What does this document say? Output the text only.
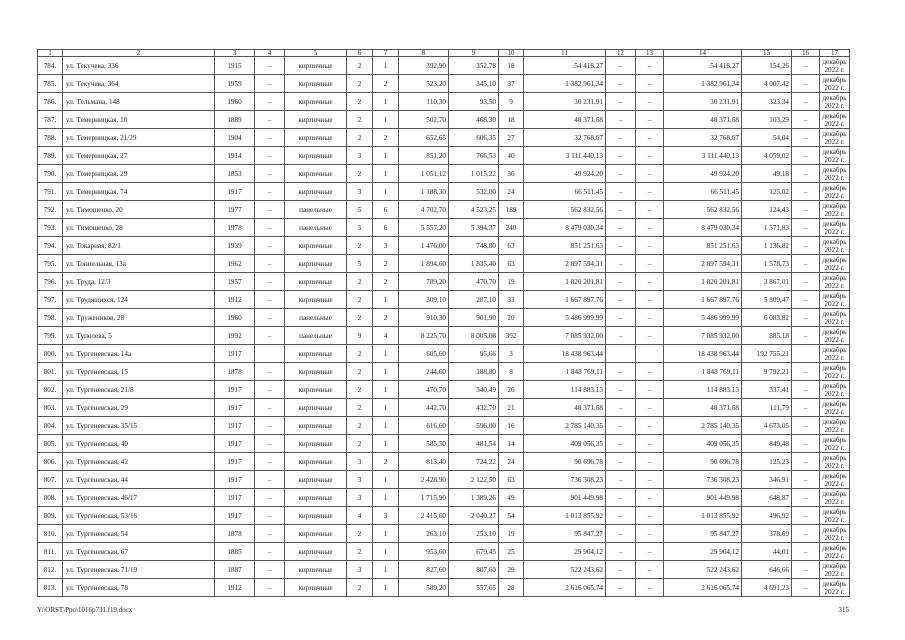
1	2	3	4	5	6	7	8	9	10	11	12	13	14	15	16	17
784.	ул. Текучева, 336	1915	–	кирпичные	2	1	392,90	352,78	18	54 418,27	–	–	54 418,27	154,26	–	декабрь 2022 г.
785.	ул. Текучева, 364	1959	–	кирпичные	2	2	523,20	345,10	37	1 382 961,34	–	–	1 382 961,34	4 007,42	–	декабрь 2022 г.
786.	ул. Тельмана, 148	1960	–	кирпичные	2	1	110,30	93,50	9	30 231,91	–	–	30 231,91	323,34	–	декабрь 2022 г.
787.	ул. Темерницкая, 10	1889	–	кирпичные	2	1	502,70	468,30	18	48 371,68	–	–	48 371,68	103,29	–	декабрь 2022 г.
788.	ул. Темерницкая, 21/29	1904	–	кирпичные	2	2	652,65	606,35	27	32 768,07	–	–	32 768,07	54,04	–	декабрь 2022 г.
789.	ул. Темерницкая, 27	1914	–	кирпичные	3	1	851,20	766,53	40	3 111 440,13	–	–	3 111 440,13	4 059,02	–	декабрь 2022 г.
790.	ул. Темерницкая, 29	1853	–	кирпичные	2	1	1 051,12	1 015,22	36	49 924,20	–	–	49 924,20	49,18	–	декабрь 2022 г.
791.	ул. Темерницкая, 74	1917	–	кирпичные	3	1	1 188,30	532,00	24	66 511,45	–	–	66 511,45	125,02	–	декабрь 2022 г.
792.	ул. Тимошенко, 20	1977	–	панельные	5	6	4 702,70	4 523,25	189	562 832,56	–	–	562 832,56	124,43	–	декабрь 2022 г.
793.	ул. Тимошенко, 28	1978	–	панельные	5	6	5 557,20	5 394,37	240	8 479 030,34	–	–	8 479 030,34	1 571,83	–	декабрь 2022 г.
794.	ул. Токарная, 82/1	1939	–	кирпичные	2	3	1 476,00	748,80	63	851 251,63	–	–	851 251,63	1 136,82	–	декабрь 2022 г.
795.	ул. Тоннельная, 13а	1962	–	кирпичные	5	2	1 894,60	1 835,40	63	2 897 594,31	–	–	2 897 594,31	1 578,73	–	декабрь 2022 г.
796.	ул. Труда, 12/3	1957	–	кирпичные	2	2	789,20	470,70	19	1 820 201,81	–	–	1 820 201,81	3 867,01	–	декабрь 2022 г.
797.	ул. Трудящихся, 124	1912	–	кирпичные	2	1	309,10	287,10	33	1 667 897,76	–	–	1 667 897,76	5 809,47	–	декабрь 2022 г.
798.	ул. Тружеников, 28	1960	–	панельные	2	2	910,30	901,90	20	5 486 999,99	–	–	5 486 999,99	6 083,82	–	декабрь 2022 г.
799.	ул. Туполева, 5	1992	–	панельные	9	4	8 225,70	8 005,08	392	7 085 932,00	–	–	7 085 932,00	885,18	–	декабрь 2022 г.
800.	ул. Тургеневская, 14а	1917		кирпичные	2	1	605,60	95,66	3	18 438 963,44			18 438 963,44	192 755,21		декабрь 2022 г.
801.	ул. Тургеневская, 15	1878	–	кирпичные	2	1	244,60	188,80	8	1 848 769,11	–	–	1 848 769,11	9 792,21	–	декабрь 2022 г.
802.	ул. Тургеневская, 21/8	1917	–	кирпичные	2	1	470,70	340,49	26	114 883,13	–	–	114 883,13	337,41	–	декабрь 2022 г.
803.	ул. Тургеневская, 29	1917	–	кирпичные	2	1	442,70	432,70	21	48 371,68	–	–	48 371,68	111,79	–	декабрь 2022 г.
804.	ул. Тургеневская, 35/15	1917	–	кирпичные	2	1	616,60	596,00	16	2 785 140,35	–	–	2 785 140,35	4 673,05	–	декабрь 2022 г.
805.	ул. Тургеневская, 40	1917	–	кирпичные	2	1	585,50	481,54	14	409 056,35	–	–	409 056,35	849,48	–	декабрь 2022 г.
806.	ул. Тургеневская, 42	1917	–	кирпичные	3	2	813,40	724,22	24	90 696,78	–	–	90 696,78	125,23	–	декабрь 2022 г.
807.	ул. Тургеневская, 44	1917	–	кирпичные	3	1	2 428,90	2 122,50	63	736 308,23	–	–	736 308,23	346,91	–	декабрь 2022 г.
808.	ул. Тургеневская, 46/17	1917	–	кирпичные	3	1	1 715,90	1 389,26	49	901 449,98	–	–	901 449,98	648,87	–	декабрь 2022 г.
809.	ул. Тургеневская, 53/16	1917	–	кирпичные	4	3	2 415,60	2 040,27	54	1 013 855,92	–	–	1 013 855,92	496,92	–	декабрь 2022 г.
810.	ул. Тургеневская, 54	1878	–	кирпичные	2	1	263,10	253,10	19	95 847,27	–	–	95 847,27	378,69	–	декабрь 2022 г.
811.	ул. Тургеневская, 67	1885	–	кирпичные	2	1	953,60	679,45	25	29 904,12	–	–	29 904,12	44,01	–	декабрь 2022 г.
812.	ул. Тургеневская, 71/19	1887	–	кирпичные	3	1	827,60	807,60	29	522 243,62	–	–	522 243,62	646,66	–	декабрь 2022 г.
813.	ул. Тургеневская, 78	1912	–	кирпичные	2	1	589,20	557,65	28	2 616 065,74	–	–	2 616 065,74	4 691,23	–	декабрь 2022 г.
Y:\ORST\Ppo\1016p731.f19.docx	315
